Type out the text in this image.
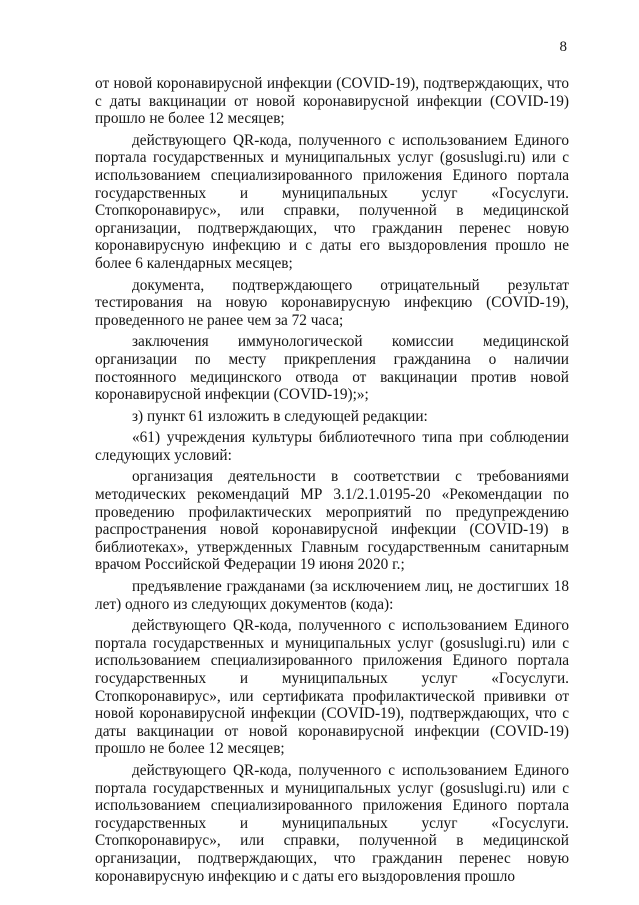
8

от новой коронавирусной инфекции (COVID-19), подтверждающих, что с даты вакцинации от новой коронавирусной инфекции (COVID-19) прошло не более 12 месяцев;

действующего QR-кода, полученного с использованием Единого портала государственных и муниципальных услуг (gosuslugi.ru) или с использованием специализированного приложения Единого портала государственных и муниципальных услуг «Госуслуги. Стопкоронавирус», или справки, полученной в медицинской организации, подтверждающих, что гражданин перенес новую коронавирусную инфекцию и с даты его выздоровления прошло не более 6 календарных месяцев;

документа, подтверждающего отрицательный результат тестирования на новую коронавирусную инфекцию (COVID-19), проведенного не ранее чем за 72 часа;

заключения иммунологической комиссии медицинской организации по месту прикрепления гражданина о наличии постоянного медицинского отвода от вакцинации против новой коронавирусной инфекции (COVID-19);»;

з) пункт 61 изложить в следующей редакции:

«61) учреждения культуры библиотечного типа при соблюдении следующих условий:

организация деятельности в соответствии с требованиями методических рекомендаций МР 3.1/2.1.0195-20 «Рекомендации по проведению профилактических мероприятий по предупреждению распространения новой коронавирусной инфекции (COVID-19) в библиотеках», утвержденных Главным государственным санитарным врачом Российской Федерации 19 июня 2020 г.;

предъявление гражданами (за исключением лиц, не достигших 18 лет) одного из следующих документов (кода):

действующего QR-кода, полученного с использованием Единого портала государственных и муниципальных услуг (gosuslugi.ru) или с использованием специализированного приложения Единого портала государственных и муниципальных услуг «Госуслуги. Стопкоронавирус», или сертификата профилактической прививки от новой коронавирусной инфекции (COVID-19), подтверждающих, что с даты вакцинации от новой коронавирусной инфекции (COVID-19) прошло не более 12 месяцев;

действующего QR-кода, полученного с использованием Единого портала государственных и муниципальных услуг (gosuslugi.ru) или с использованием специализированного приложения Единого портала государственных и муниципальных услуг «Госуслуги. Стопкоронавирус», или справки, полученной в медицинской организации, подтверждающих, что гражданин перенес новую коронавирусную инфекцию и с даты его выздоровления прошло
